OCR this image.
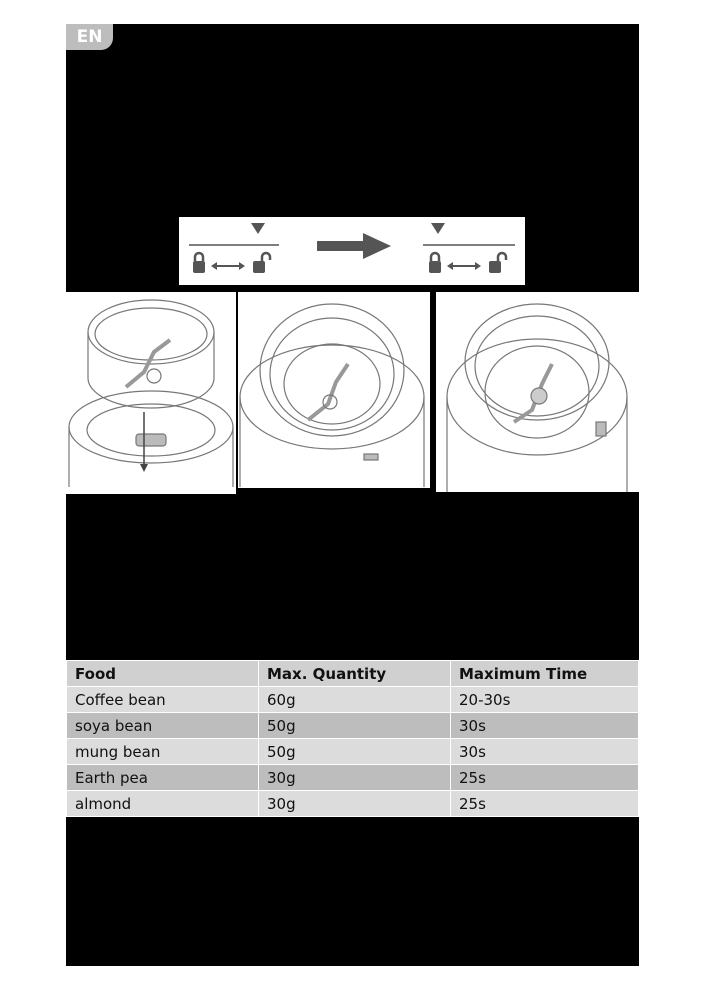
EN
Food	Max. Quantity	Maximum Time
Coffee bean	60g	20-30s
soya bean	50g	30s
mung bean	50g	30s
Earth pea	30g	25s
almond	30g	25s
